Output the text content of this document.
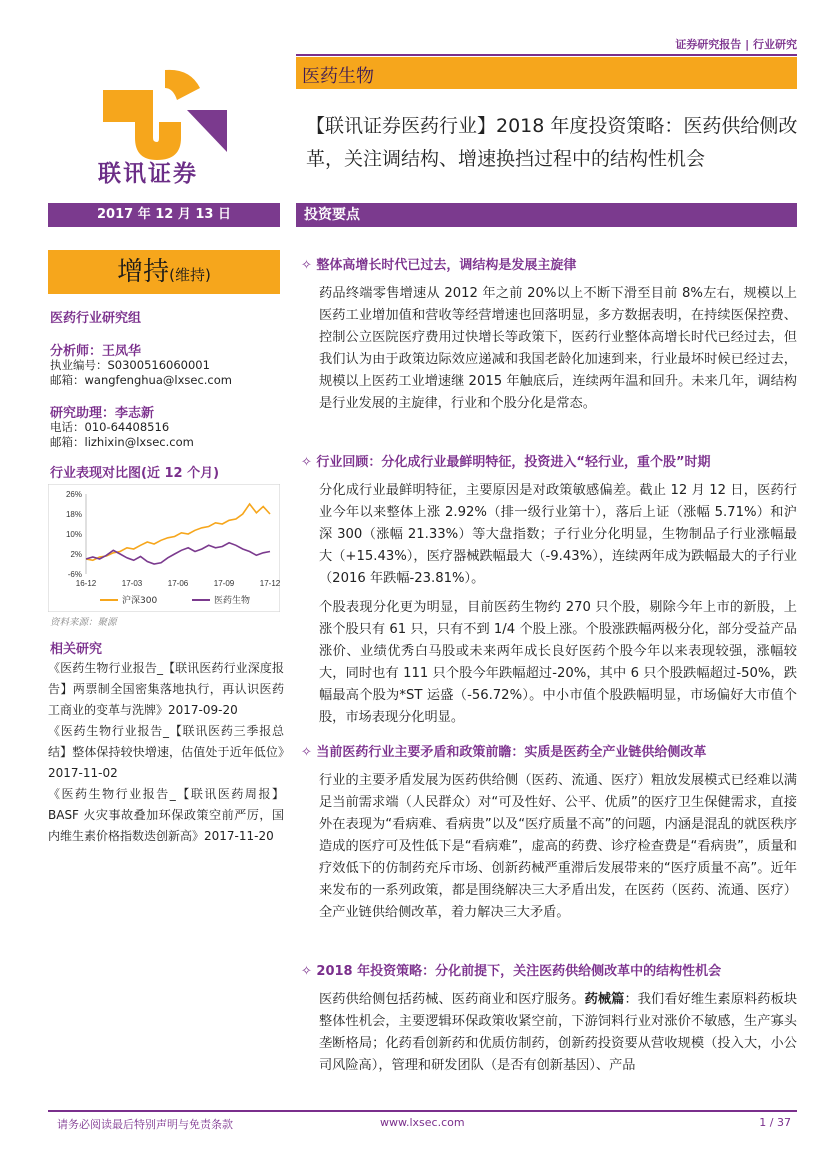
证券研究报告 | 行业研究
联讯证券
医药生物
【联讯证券医药行业】2018 年度投资策略：医药供给侧改革，关注调结构、增速换挡过程中的结构性机会
2017 年 12 月 13 日	投资要点
增持(维持)
医药行业研究组
分析师：王凤华
执业编号：S0300516060001
邮箱：wangfenghua@lxsec.com
研究助理：李志新
电话：010-64408516
邮箱：lizhixin@lxsec.com
行业表现对比图(近 12 个月)
26%
18%
10%
2%
-6%
16-12	17-03	17-06	17-09	17-12
沪深300	医药生物
资料来源：聚源
相关研究

《医药生物行业报告_【联讯医药行业深度报告】两票制全国密集落地执行，再认识医药工商业的变革与洗牌》2017-09-20

《医药生物行业报告_【联讯医药三季报总结】整体保持较快增速，估值处于近年低位》2017-11-02

《医药生物行业报告_【联讯医药周报】BASF 火灾事故叠加环保政策空前严厉，国内维生素价格指数迭创新高》2017-11-20

✧ 整体高增长时代已过去，调结构是发展主旋律
药品终端零售增速从 2012 年之前 20%以上不断下滑至目前 8%左右，规模以上医药工业增加值和营收等经营增速也回落明显，多方数据表明，在持续医保控费、控制公立医院医疗费用过快增长等政策下，医药行业整体高增长时代已经过去，但我们认为由于政策边际效应递减和我国老龄化加速到来，行业最坏时候已经过去，规模以上医药工业增速继 2015 年触底后，连续两年温和回升。未来几年，调结构是行业发展的主旋律，行业和个股分化是常态。
✧ 行业回顾：分化成行业最鲜明特征，投资进入“轻行业，重个股”时期
分化成行业最鲜明特征，主要原因是对政策敏感偏差。截止 12 月 12 日，医药行业今年以来整体上涨 2.92%（排一级行业第十），落后上证（涨幅 5.71%）和沪深 300（涨幅 21.33%）等大盘指数；子行业分化明显，生物制品子行业涨幅最大（+15.43%），医疗器械跌幅最大（-9.43%），连续两年成为跌幅最大的子行业（2016 年跌幅-23.81%）。
个股表现分化更为明显，目前医药生物约 270 只个股，剔除今年上市的新股，上涨个股只有 61 只，只有不到 1/4 个股上涨。个股涨跌幅两极分化，部分受益产品涨价、业绩优秀白马股或未来两年成长良好医药个股今年以来表现较强，涨幅较大，同时也有 111 只个股今年跌幅超过-20%，其中 6 只个股跌幅超过-50%，跌幅最高个股为*ST 运盛（-56.72%）。中小市值个股跌幅明显，市场偏好大市值个股，市场表现分化明显。
✧ 当前医药行业主要矛盾和政策前瞻：实质是医药全产业链供给侧改革
行业的主要矛盾发展为医药供给侧（医药、流通、医疗）粗放发展模式已经难以满足当前需求端（人民群众）对“可及性好、公平、优质”的医疗卫生保健需求，直接外在表现为“看病难、看病贵”以及“医疗质量不高”的问题，内涵是混乱的就医秩序造成的医疗可及性低下是“看病难”，虚高的药费、诊疗检查费是“看病贵”，质量和疗效低下的仿制药充斥市场、创新药械严重滞后发展带来的“医疗质量不高”。近年来发布的一系列政策，都是围绕解决三大矛盾出发，在医药（医药、流通、医疗）全产业链供给侧改革，着力解决三大矛盾。
✧ 2018 年投资策略：分化前提下，关注医药供给侧改革中的结构性机会
医药供给侧包括药械、医药商业和医疗服务。药械篇：我们看好维生素原料药板块整体性机会，主要逻辑环保政策收紧空前，下游饲料行业对涨价不敏感，生产寡头垄断格局；化药看创新药和优质仿制药，创新药投资要从营收规模（投入大，小公司风险高），管理和研发团队（是否有创新基因）、产品
请务必阅读最后特别声明与免责条款	www.lxsec.com	1 / 37
